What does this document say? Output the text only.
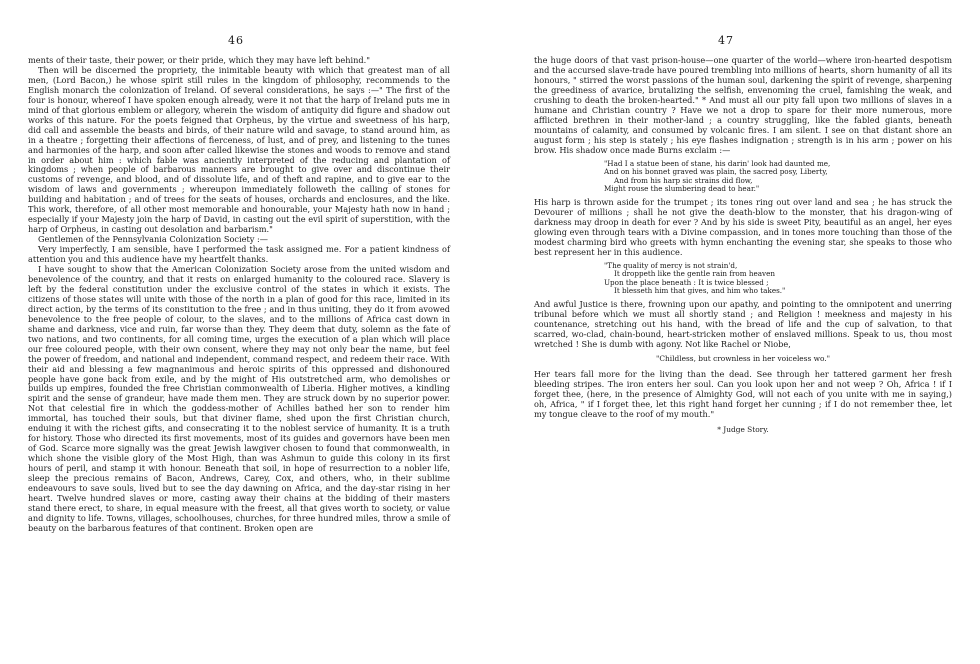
46

ments of their taste, their power, or their pride, which they may have left behind."

Then will be discerned the propriety, the inimitable beauty with which that greatest man of all men, (Lord Bacon,) he whose spirit still rules in the kingdom of philosophy, recommends to the English monarch the colonization of Ireland. Of several considerations, he says :—" The first of the four is honour, whereof I have spoken enough already, were it not that the harp of Ireland puts me in mind of that glorious emblem or allegory, wherein the wisdom of antiquity did figure and shadow out works of this nature. For the poets feigned that Orpheus, by the virtue and sweetness of his harp, did call and assemble the beasts and birds, of their nature wild and savage, to stand around him, as in a theatre ; forgetting their affections of fierceness, of lust, and of prey, and listening to the tunes and harmonies of the harp, and soon after called likewise the stones and woods to remove and stand in order about him : which fable was anciently interpreted of the reducing and plantation of kingdoms ; when people of barbarous manners are brought to give over and discontinue their customs of revenge, and blood, and of dissolute life, and of theft and rapine, and to give ear to the wisdom of laws and governments ; whereupon immediately followeth the calling of stones for building and habitation ; and of trees for the seats of houses, orchards and enclosures, and the like. This work, therefore, of all other most memorable and honourable, your Majesty hath now in hand ; especially if your Majesty join the harp of David, in casting out the evil spirit of superstition, with the harp of Orpheus, in casting out desolation and barbarism."

Gentlemen of the Pennsylvania Colonization Society :—

Very imperfectly, I am sensible, have I performed the task assigned me. For a patient kindness of attention you and this audience have my heartfelt thanks.

I have sought to show that the American Colonization Society arose from the united wisdom and benevolence of the country, and that it rests on enlarged humanity to the coloured race. Slavery is left by the federal constitution under the exclusive control of the states in which it exists. The citizens of those states will unite with those of the north in a plan of good for this race, limited in its direct action, by the terms of its constitution to the free ; and in thus uniting, they do it from avowed benevolence to the free people of colour, to the slaves, and to the millions of Africa cast down in shame and darkness, vice and ruin, far worse than they. They deem that duty, solemn as the fate of two nations, and two continents, for all coming time, urges the execution of a plan which will place our free coloured people, with their own consent, where they may not only bear the name, but feel the power of freedom, and national and independent, command respect, and redeem their race. With their aid and blessing a few magnanimous and heroic spirits of this oppressed and dishonoured people have gone back from exile, and by the might of His outstretched arm, who demolishes or builds up empires, founded the free Christian commonwealth of Liberia. Higher motives, a kindling spirit and the sense of grandeur, have made them men. They are struck down by no superior power. Not that celestial fire in which the goddess-mother of Achilles bathed her son to render him immortal, has touched their souls, but that diviner flame, shed upon the first Christian church, enduing it with the richest gifts, and consecrating it to the noblest service of humanity. It is a truth for history. Those who directed its first movements, most of its guides and governors have been men of God. Scarce more signally was the great Jewish lawgiver chosen to found that commonwealth, in which shone the visible glory of the Most High, than was Ashmun to guide this colony in its first hours of peril, and stamp it with honour. Beneath that soil, in hope of resurrection to a nobler life, sleep the precious remains of Bacon, Andrews, Carey, Cox, and others, who, in their sublime endeavours to save souls, lived but to see the day dawning on Africa, and the day-star rising in her heart. Twelve hundred slaves or more, casting away their chains at the bidding of their masters stand there erect, to share, in equal measure with the freest, all that gives worth to society, or value and dignity to life. Towns, villages, schoolhouses, churches, for three hundred miles, throw a smile of beauty on the barbarous features of that continent. Broken open are

47

the huge doors of that vast prison-house—one quarter of the world—where iron-hearted despotism and the accursed slave-trade have poured trembling into millions of hearts, shorn humanity of all its honours, " stirred the worst passions of the human soul, darkening the spirit of revenge, sharpening the greediness of avarice, brutalizing the selfish, envenoming the cruel, famishing the weak, and crushing to death the broken-hearted." * And must all our pity fall upon two millions of slaves in a humane and Christian country ? Have we not a drop to spare for their more numerous, more afflicted brethren in their mother-land ; a country struggling, like the fabled giants, beneath mountains of calamity, and consumed by volcanic fires. I am silent. I see on that distant shore an august form ; his step is stately ; his eye flashes indignation ; strength is in his arm ; power on his brow. His shadow once made Burns exclaim :—

"Had I a statue been of stane, his darin' look had daunted me,
And on his bonnet graved was plain, the sacred posy, Liberty,
And from his harp sic strains did flow,
Might rouse the slumbering dead to hear."

His harp is thrown aside for the trumpet ; its tones ring out over land and sea ; he has struck the Devourer of millions ; shall he not give the death-blow to the monster, that his dragon-wing of darkness may droop in death for ever ? And by his side is sweet Pity, beautiful as an angel, her eyes glowing even through tears with a Divine compassion, and in tones more touching than those of the modest charming bird who greets with hymn enchanting the evening star, she speaks to those who best represent her in this audience.

"The quality of mercy is not strain'd,
It droppeth like the gentle rain from heaven
Upon the place beneath : It is twice blessed ;
It blesseth him that gives, and him who takes."

And awful Justice is there, frowning upon our apathy, and pointing to the omnipotent and unerring tribunal before which we must all shortly stand ; and Religion ! meekness and majesty in his countenance, stretching out his hand, with the bread of life and the cup of salvation, to that scarred, wo-clad, chain-bound, heart-stricken mother of enslaved millions. Speak to us, thou most wretched ! She is dumb with agony. Not like Rachel or Niobe,

"Childless, but crownless in her voiceless wo."

Her tears fall more for the living than the dead. See through her tattered garment her fresh bleeding stripes. The iron enters her soul. Can you look upon her and not weep ? Oh, Africa ! if I forget thee, (here, in the presence of Almighty God, will not each of you unite with me in saying,) oh, Africa, " if I forget thee, let this right hand forget her cunning ; if I do not remember thee, let my tongue cleave to the roof of my mouth."

* Judge Story.
